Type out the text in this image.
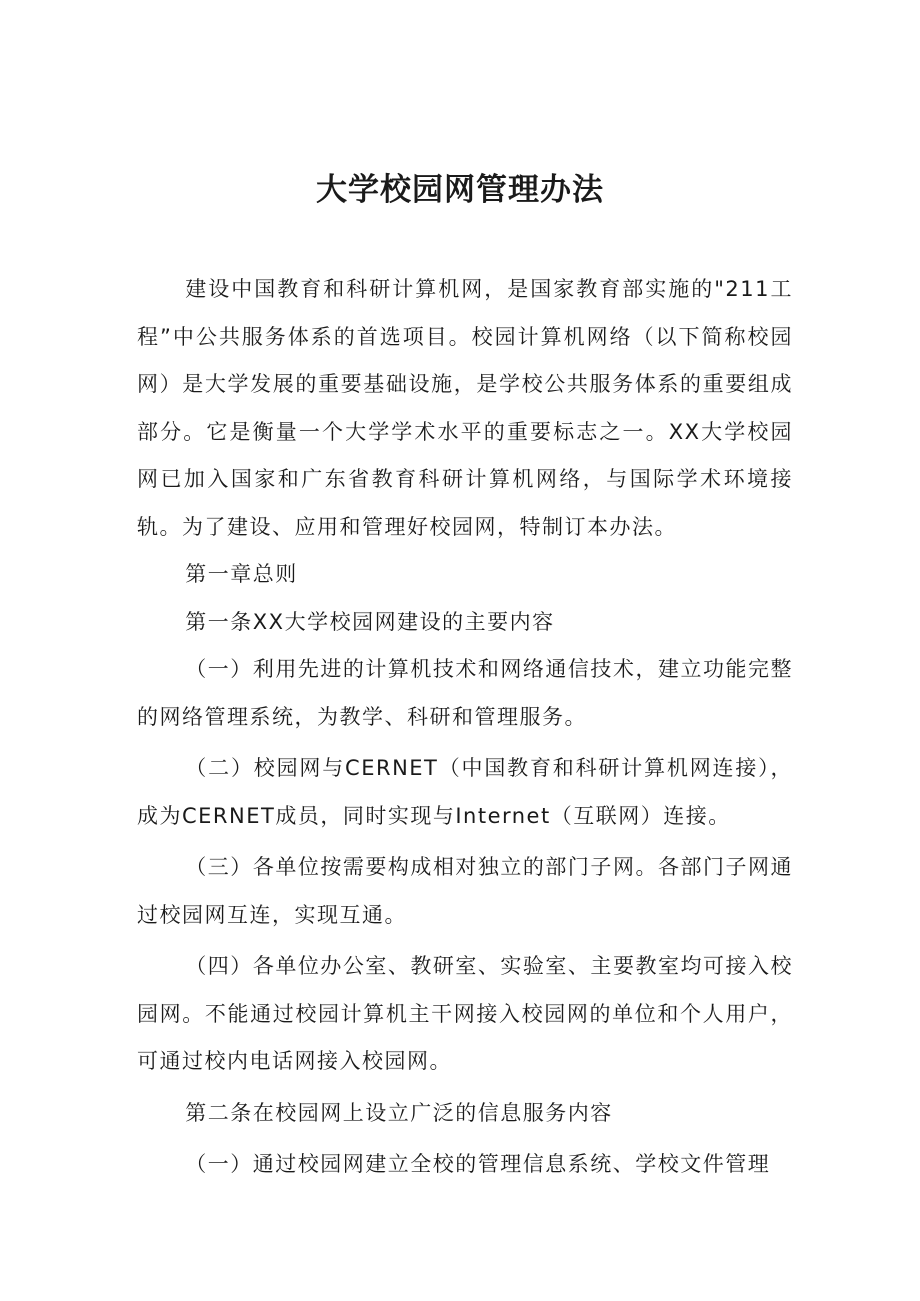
大学校园网管理办法

建设中国教育和科研计算机网，是国家教育部实施的"211工程”中公共服务体系的首选项目。校园计算机网络（以下简称校园网）是大学发展的重要基础设施，是学校公共服务体系的重要组成部分。它是衡量一个大学学术水平的重要标志之一。XX大学校园网已加入国家和广东省教育科研计算机网络，与国际学术环境接轨。为了建设、应用和管理好校园网，特制订本办法。

第一章总则

第一条XX大学校园网建设的主要内容

（一）利用先进的计算机技术和网络通信技术，建立功能完整的网络管理系统，为教学、科研和管理服务。

（二）校园网与CERNET（中国教育和科研计算机网连接），成为CERNET成员，同时实现与Internet（互联网）连接。

（三）各单位按需要构成相对独立的部门子网。各部门子网通过校园网互连，实现互通。

（四）各单位办公室、教研室、实验室、主要教室均可接入校园网。不能通过校园计算机主干网接入校园网的单位和个人用户，可通过校内电话网接入校园网。

第二条在校园网上设立广泛的信息服务内容

（一）通过校园网建立全校的管理信息系统、学校文件管理
